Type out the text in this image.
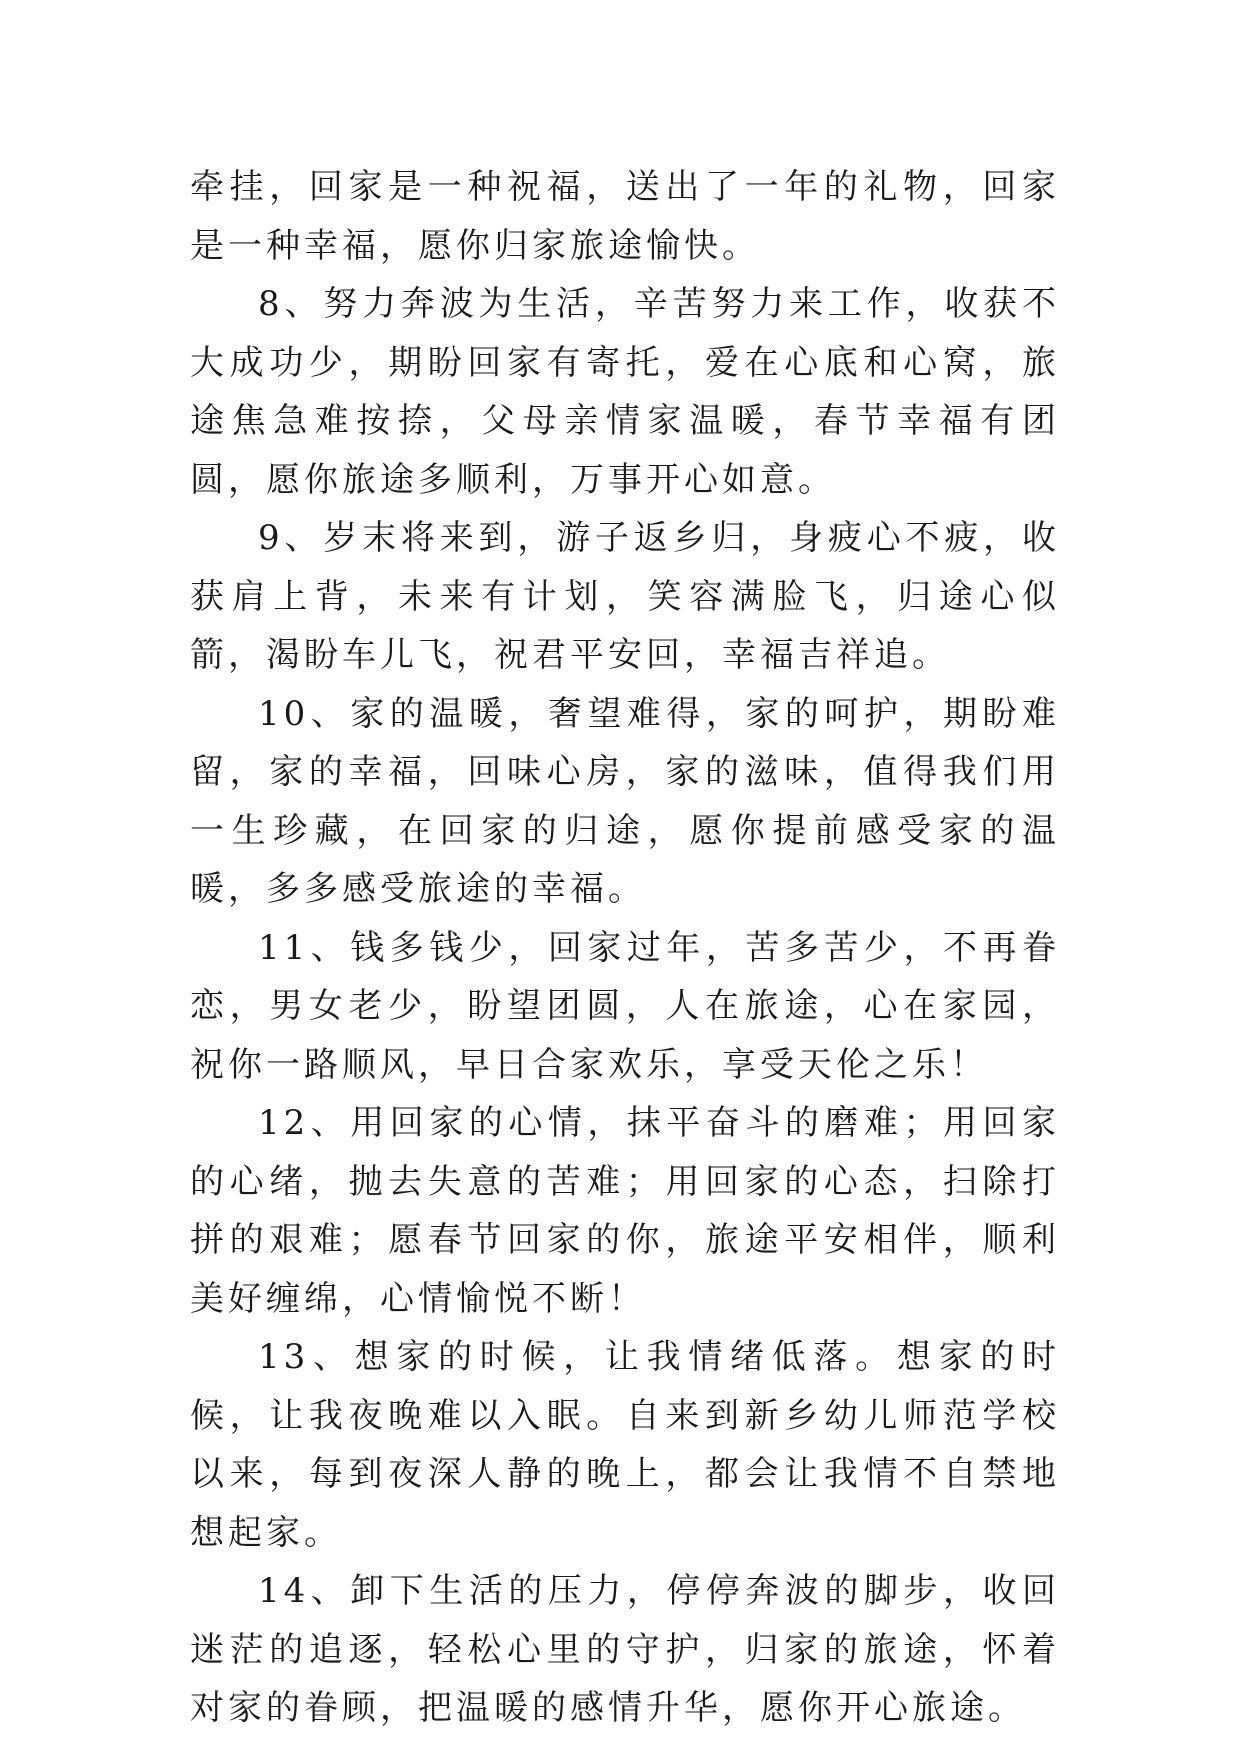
牵挂，回家是一种祝福，送出了一年的礼物，回家是一种幸福，愿你归家旅途愉快。

8、努力奔波为生活，辛苦努力来工作，收获不大成功少，期盼回家有寄托，爱在心底和心窝，旅途焦急难按捺，父母亲情家温暖，春节幸福有团圆，愿你旅途多顺利，万事开心如意。

9、岁末将来到，游子返乡归，身疲心不疲，收获肩上背，未来有计划，笑容满脸飞，归途心似箭，渴盼车儿飞，祝君平安回，幸福吉祥追。

10、家的温暖，奢望难得，家的呵护，期盼难留，家的幸福，回味心房，家的滋味，值得我们用一生珍藏，在回家的归途，愿你提前感受家的温暖，多多感受旅途的幸福。

11、钱多钱少，回家过年，苦多苦少，不再眷恋，男女老少，盼望团圆，人在旅途，心在家园，祝你一路顺风，早日合家欢乐，享受天伦之乐！

12、用回家的心情，抹平奋斗的磨难；用回家的心绪，抛去失意的苦难；用回家的心态，扫除打拼的艰难；愿春节回家的你，旅途平安相伴，顺利美好缠绵，心情愉悦不断！

13、想家的时候，让我情绪低落。想家的时候，让我夜晚难以入眠。自来到新乡幼儿师范学校以来，每到夜深人静的晚上，都会让我情不自禁地想起家。

14、卸下生活的压力，停停奔波的脚步，收回迷茫的追逐，轻松心里的守护，归家的旅途，怀着对家的眷顾，把温暖的感情升华，愿你开心旅途。
